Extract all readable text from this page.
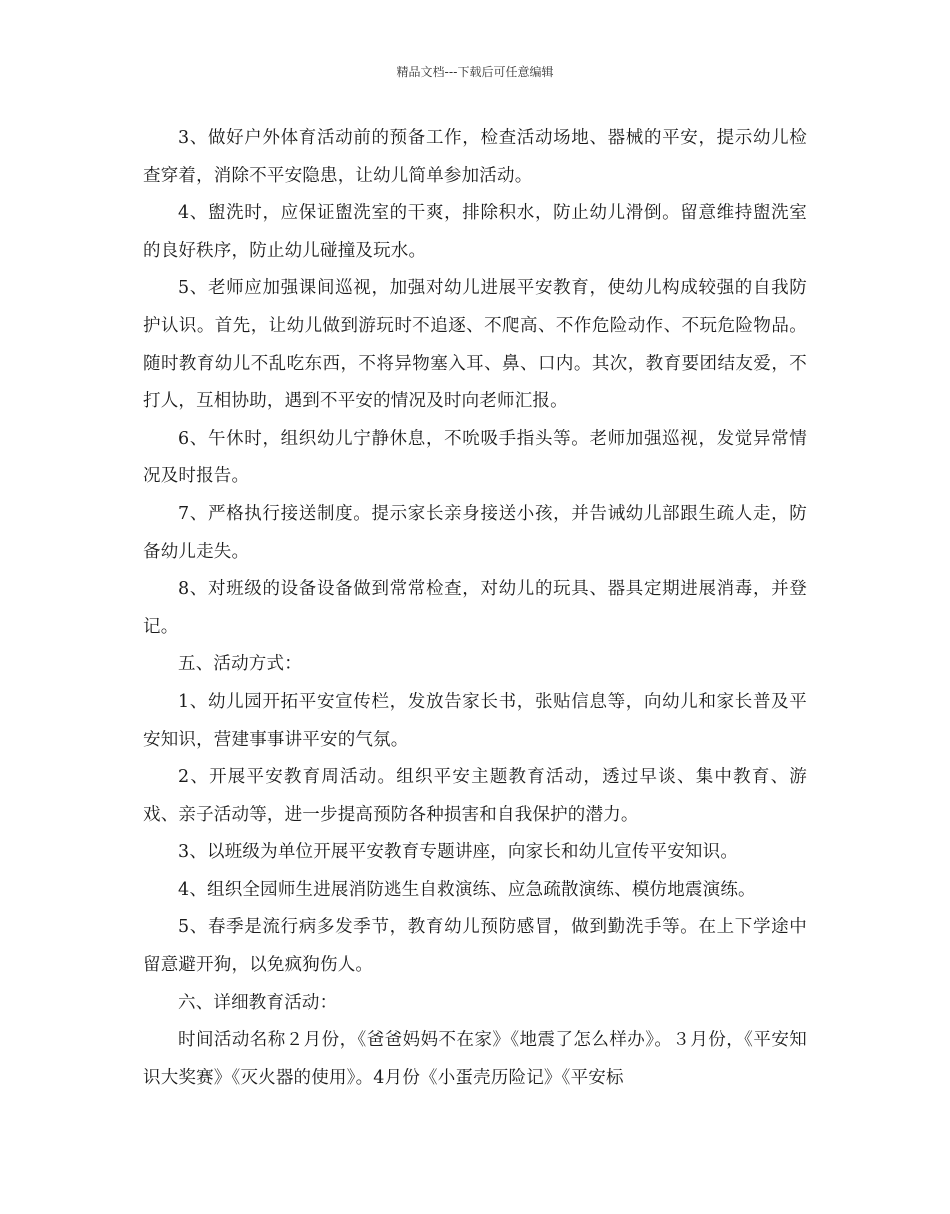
精品文档---下载后可任意编辑

3、做好户外体育活动前的预备工作，检查活动场地、器械的平安，提示幼儿检查穿着，消除不平安隐患，让幼儿简单参加活动。

4、盥洗时，应保证盥洗室的干爽，排除积水，防止幼儿滑倒。留意维持盥洗室的良好秩序，防止幼儿碰撞及玩水。

5、老师应加强课间巡视，加强对幼儿进展平安教育，使幼儿构成较强的自我防护认识。首先，让幼儿做到游玩时不追逐、不爬高、不作危险动作、不玩危险物品。随时教育幼儿不乱吃东西，不将异物塞入耳、鼻、口内。其次，教育要团结友爱，不打人，互相协助，遇到不平安的情况及时向老师汇报。

6、午休时，组织幼儿宁静休息，不吮吸手指头等。老师加强巡视，发觉异常情况及时报告。

7、严格执行接送制度。提示家长亲身接送小孩，并告诫幼儿部跟生疏人走，防备幼儿走失。

8、对班级的设备设备做到常常检查，对幼儿的玩具、器具定期进展消毒，并登记。

五、活动方式：

1、幼儿园开拓平安宣传栏，发放告家长书，张贴信息等，向幼儿和家长普及平安知识，营建事事讲平安的气氛。

2、开展平安教育周活动。组织平安主题教育活动，透过早谈、集中教育、游戏、亲子活动等，进一步提高预防各种损害和自我保护的潜力。

3、以班级为单位开展平安教育专题讲座，向家长和幼儿宣传平安知识。

4、组织全园师生进展消防逃生自救演练、应急疏散演练、模仿地震演练。

5、春季是流行病多发季节，教育幼儿预防感冒，做到勤洗手等。在上下学途中留意避开狗，以免疯狗伤人。

六、详细教育活动：

时间活动名称２月份，《爸爸妈妈不在家》《地震了怎么样办》。３月份，《平安知识大奖赛》《灭火器的使用》。4月份《小蛋壳历险记》《平安标
